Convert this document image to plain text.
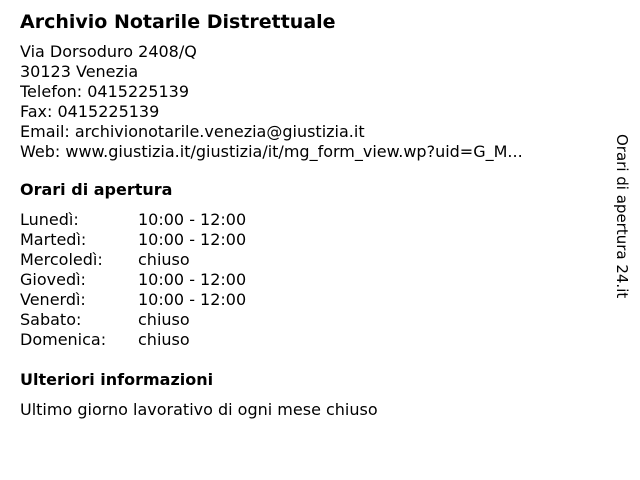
Archivio Notarile Distrettuale
Via Dorsoduro 2408/Q
30123 Venezia
Telefon: 0415225139
Fax: 0415225139
Email: archivionotarile.venezia@giustizia.it
Web: www.giustizia.it/giustizia/it/mg_form_view.wp?uid=G_M...
Orari di apertura
Lunedì:	10:00 - 12:00
Martedì:	10:00 - 12:00
Mercoledì: chiuso
Giovedì:	10:00 - 12:00
Venerdì:	10:00 - 12:00
Sabato:	chiuso
Domenica: chiuso
Ulteriori informazioni
Ultimo giorno lavorativo di ogni mese chiuso
Orari di apertura 24.it
